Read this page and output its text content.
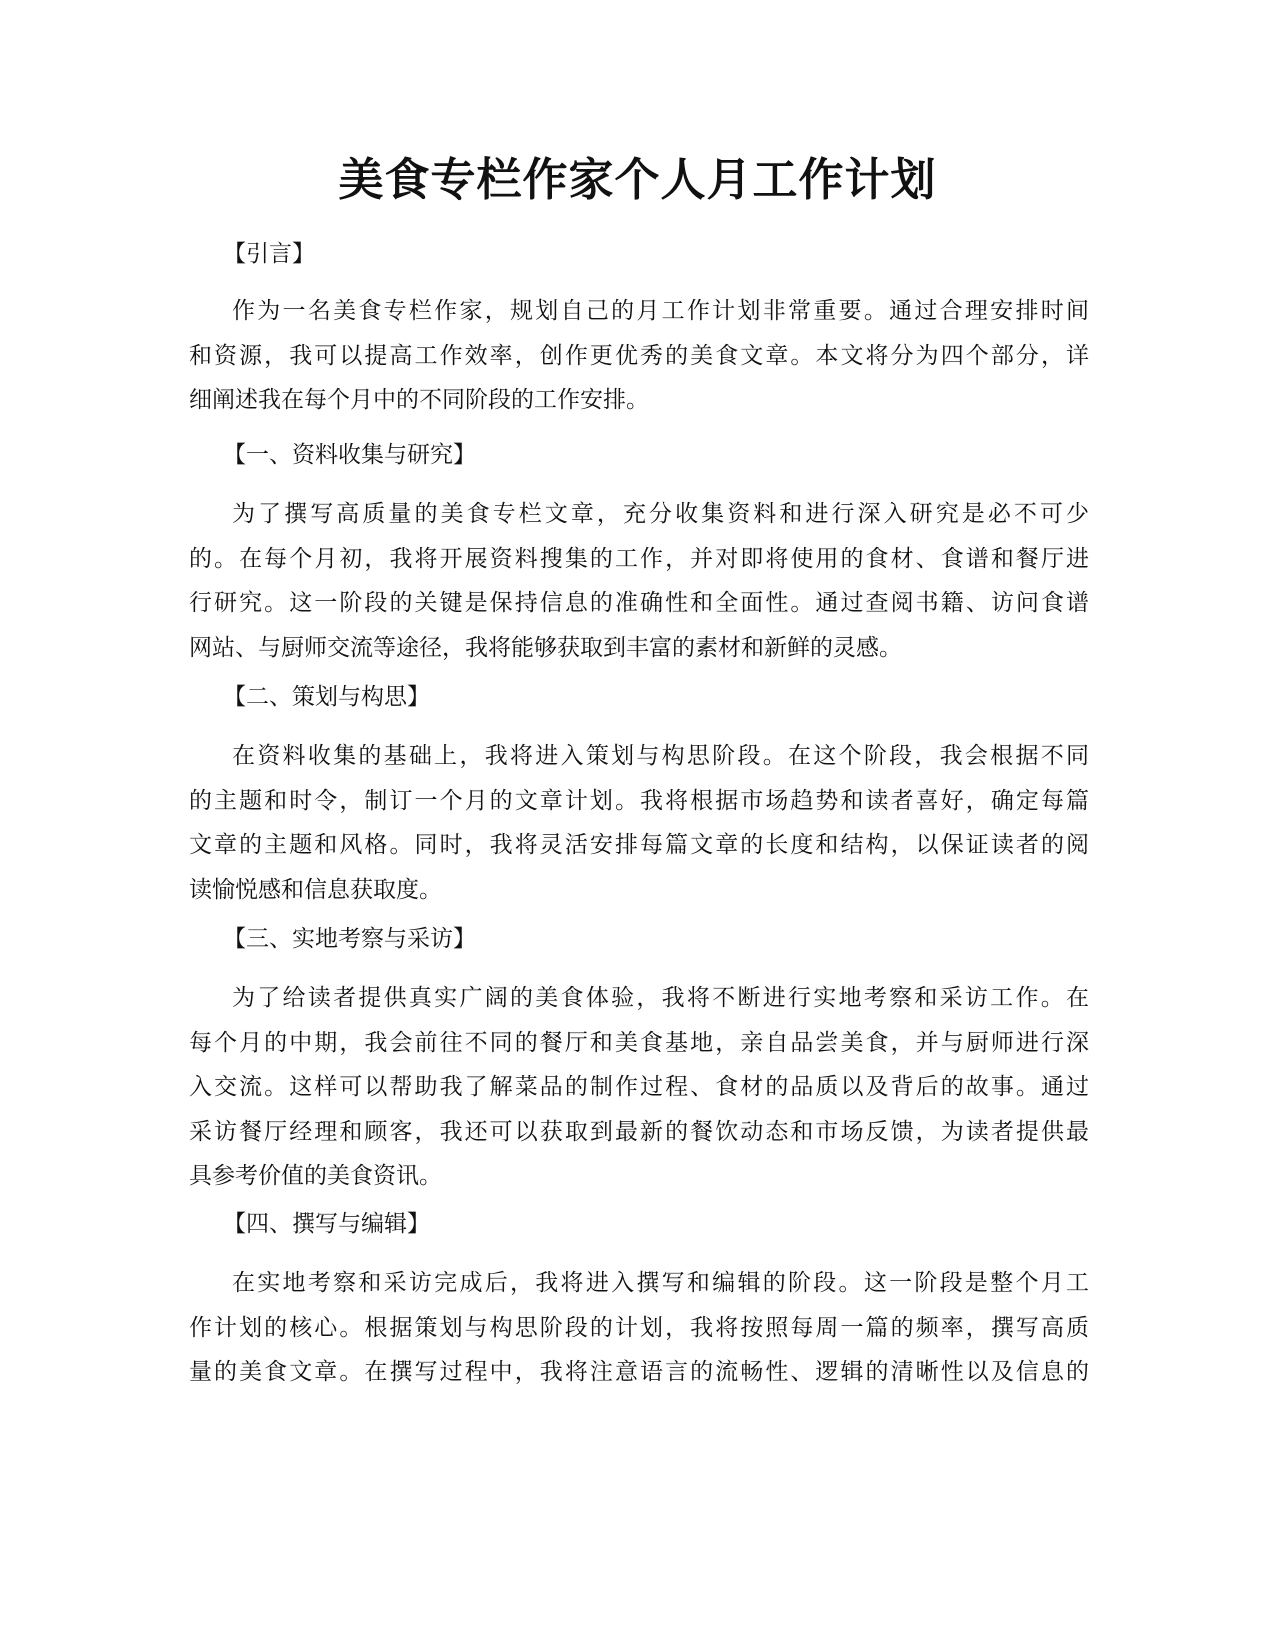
美食专栏作家个人月工作计划
【引言】
作为一名美食专栏作家，规划自己的月工作计划非常重要。通过合理安排时间
和资源，我可以提高工作效率，创作更优秀的美食文章。本文将分为四个部分，详
细阐述我在每个月中的不同阶段的工作安排。
【一、资料收集与研究】
为了撰写高质量的美食专栏文章，充分收集资料和进行深入研究是必不可少
的。在每个月初，我将开展资料搜集的工作，并对即将使用的食材、食谱和餐厅进
行研究。这一阶段的关键是保持信息的准确性和全面性。通过查阅书籍、访问食谱
网站、与厨师交流等途径，我将能够获取到丰富的素材和新鲜的灵感。
【二、策划与构思】
在资料收集的基础上，我将进入策划与构思阶段。在这个阶段，我会根据不同
的主题和时令，制订一个月的文章计划。我将根据市场趋势和读者喜好，确定每篇
文章的主题和风格。同时，我将灵活安排每篇文章的长度和结构，以保证读者的阅
读愉悦感和信息获取度。
【三、实地考察与采访】
为了给读者提供真实广阔的美食体验，我将不断进行实地考察和采访工作。在
每个月的中期，我会前往不同的餐厅和美食基地，亲自品尝美食，并与厨师进行深
入交流。这样可以帮助我了解菜品的制作过程、食材的品质以及背后的故事。通过
采访餐厅经理和顾客，我还可以获取到最新的餐饮动态和市场反馈，为读者提供最
具参考价值的美食资讯。
【四、撰写与编辑】
在实地考察和采访完成后，我将进入撰写和编辑的阶段。这一阶段是整个月工
作计划的核心。根据策划与构思阶段的计划，我将按照每周一篇的频率，撰写高质
量的美食文章。在撰写过程中，我将注意语言的流畅性、逻辑的清晰性以及信息的
